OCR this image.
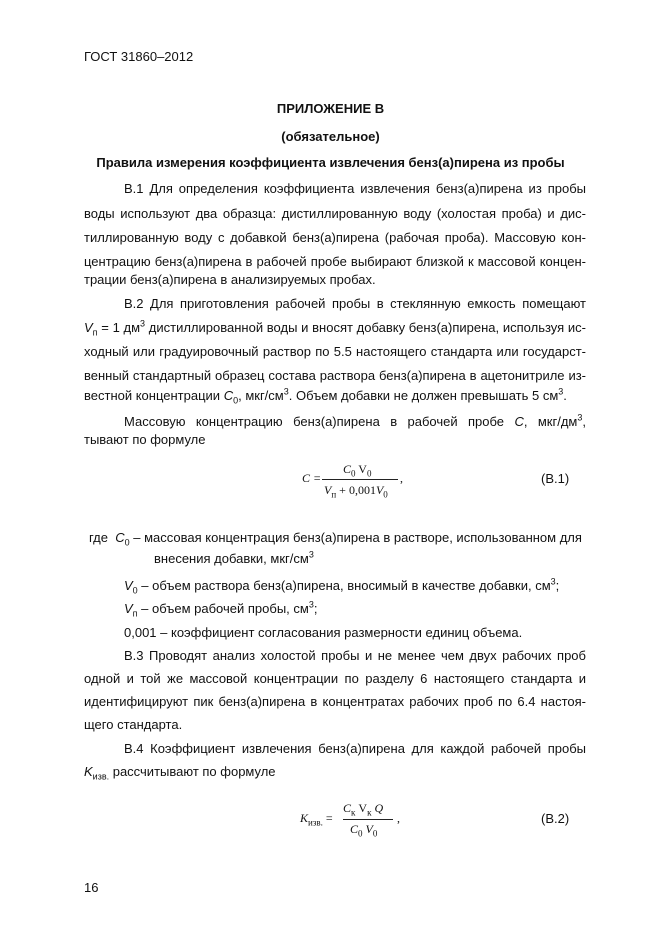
ГОСТ 31860–2012
ПРИЛОЖЕНИЕ В
(обязательное)
Правила измерения коэффициента извлечения бенз(а)пирена из пробы
В.1 Для определения коэффициента извлечения бенз(а)пирена из пробы
воды используют два образца: дистиллированную воду (холостая проба) и дис-
тиллированную воду с добавкой бенз(а)пирена (рабочая проба). Массовую кон-
центрацию бенз(а)пирена в рабочей пробе выбирают близкой к массовой концен-
трации бенз(а)пирена в анализируемых пробах.
В.2 Для приготовления рабочей пробы в стеклянную емкость помещают
$V_п = 1$ $дм^3$ дистиллированной воды и вносят добавку бенз(а)пирена, используя ис-
ходный или градуировочный раствор по 5.5 настоящего стандарта или государст-
венный стандартный образец состава раствора бенз(а)пирена в ацетонитриле из-
вестной концентрации $С_0$, мкг/$см^3$. Объем добавки не должен превышать 5 $см^3$.
Массовую концентрацию бенз(а)пирена в рабочей пробе С, мкг/$дм^3$,
тывают по формуле
C =
$C_0$ $V_0$
$V_п + 0,001V_0$
,	(В.1)
где $С_0$ – массовая концентрация бенз(а)пирена в растворе, использованном для
внесения добавки, мкг/$см^3$
$V_0$ – объем раствора бенз(а)пирена, вносимый в качестве добавки, $см^3$;
$V_п$ – объем рабочей пробы, $см^3$;
0,001 – коэффициент согласования размерности единиц объема.
В.3 Проводят анализ холостой пробы и не менее чем двух рабочих проб
одной и той же массовой концентрации по разделу 6 настоящего стандарта и
идентифицируют пик бенз(а)пирена в концентратах рабочих проб по 6.4 настоя-
щего стандарта.
В.4 Коэффициент извлечения бенз(а)пирена для каждой рабочей пробы
$K_{изв.}$ рассчитывают по формуле
$K_{изв.}$ =
$C_к$ $V_к$ Q
$C_0$ $V_0$
,	(В.2)
16
